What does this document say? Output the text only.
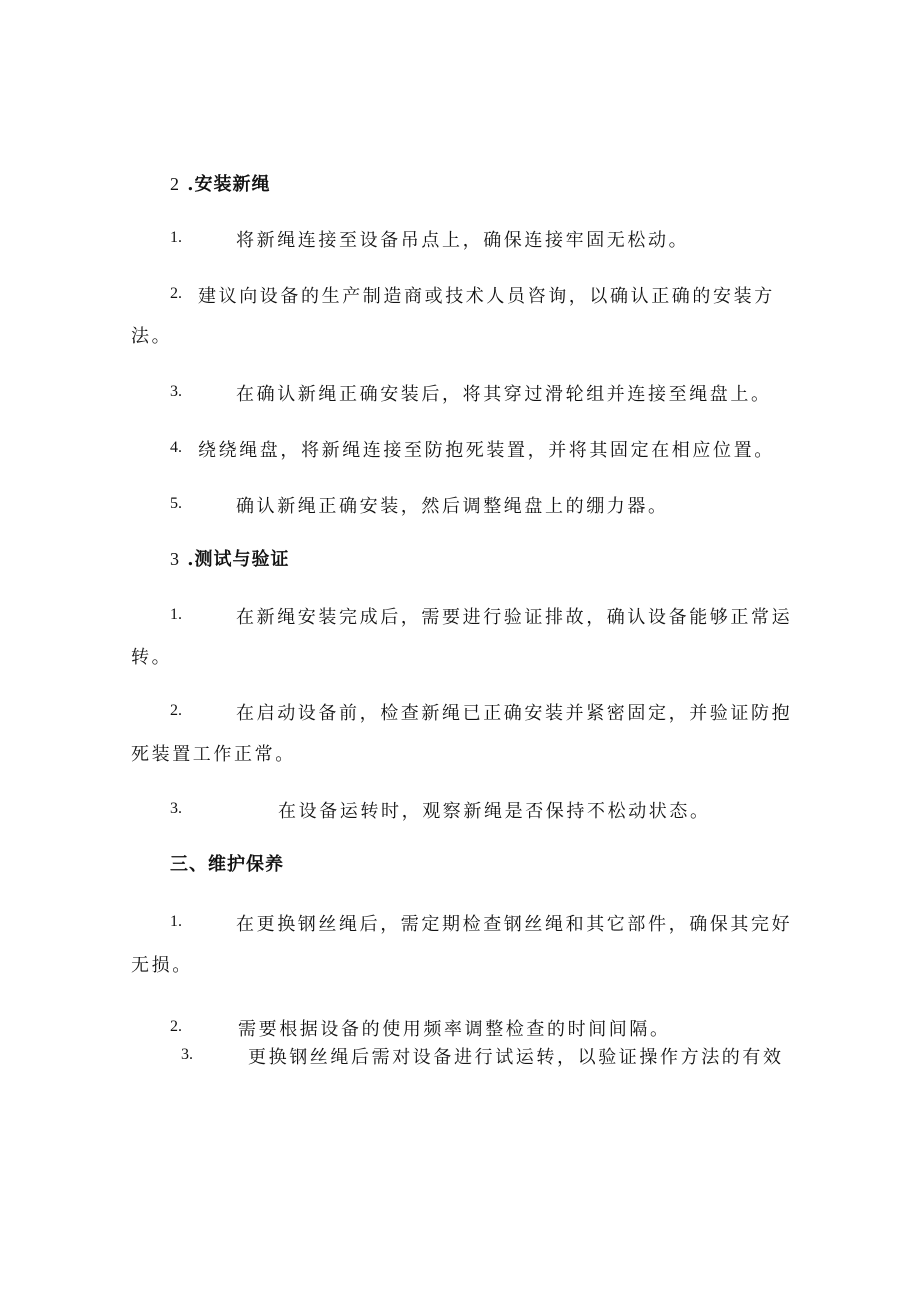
2 .安装新绳
1.	将新绳连接至设备吊点上，确保连接牢固无松动。
2. 建议向设备的生产制造商或技术人员咨询，以确认正确的安装方
法。
3.	在确认新绳正确安装后，将其穿过滑轮组并连接至绳盘上。
4. 绕绕绳盘，将新绳连接至防抱死装置，并将其固定在相应位置。
5.	确认新绳正确安装，然后调整绳盘上的绷力器。
3 .测试与验证
1.	在新绳安装完成后，需要进行验证排故，确认设备能够正常运
转。
2.	在启动设备前，检查新绳已正确安装并紧密固定，并验证防抱
死装置工作正常。
3.	在设备运转时，观察新绳是否保持不松动状态。
三、维护保养
1.	在更换钢丝绳后，需定期检查钢丝绳和其它部件，确保其完好
无损。
2.	需要根据设备的使用频率调整检查的时间间隔。
3.	更换钢丝绳后需对设备进行试运转，以验证操作方法的有效
